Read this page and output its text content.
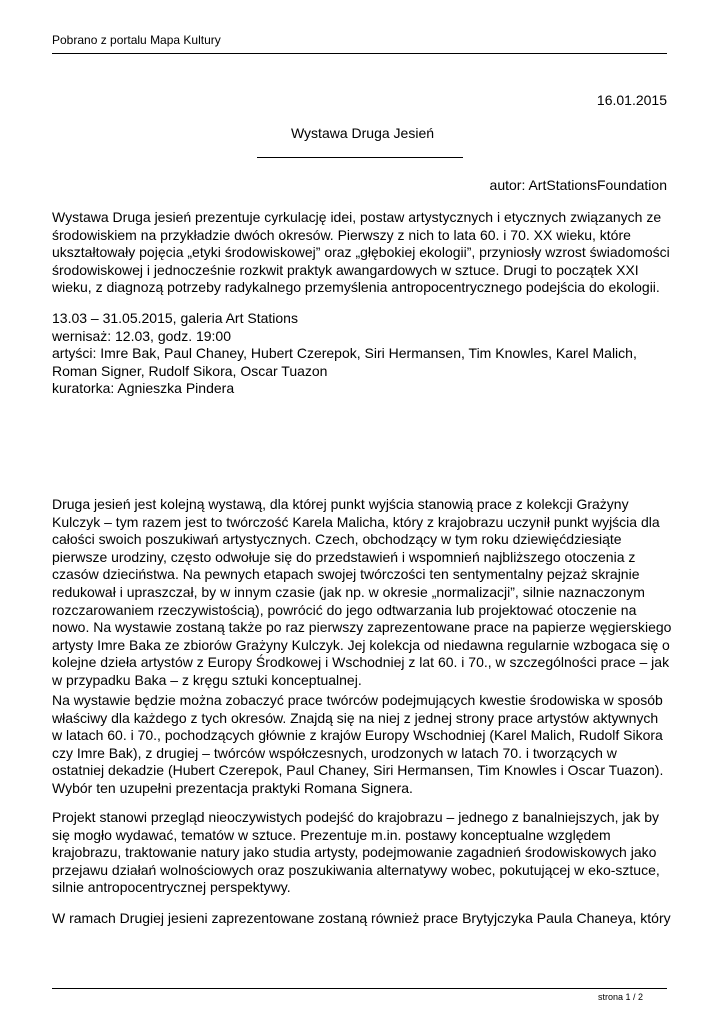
Pobrano z portalu Mapa Kultury
16.01.2015
Wystawa Druga Jesień
autor: ArtStationsFoundation
Wystawa Druga jesień prezentuje cyrkulację idei, postaw artystycznych i etycznych związanych ze środowiskiem na przykładzie dwóch okresów. Pierwszy z nich to lata 60. i 70. XX wieku, które ukształtowały pojęcia „etyki środowiskowej” oraz „głębokiej ekologii”, przyniosły wzrost świadomości środowiskowej i jednocześnie rozkwit praktyk awangardowych w sztuce. Drugi to początek XXI wieku, z diagnozą potrzeby radykalnego przemyślenia antropocentrycznego podejścia do ekologii.
13.03 – 31.05.2015, galeria Art Stations
wernisaż: 12.03, godz. 19:00
artyści: Imre Bak, Paul Chaney, Hubert Czerepok, Siri Hermansen, Tim Knowles, Karel Malich, Roman Signer, Rudolf Sikora, Oscar Tuazon
kuratorka: Agnieszka Pindera
Druga jesień jest kolejną wystawą, dla której punkt wyjścia stanowią prace z kolekcji Grażyny Kulczyk – tym razem jest to twórczość Karela Malicha, który z krajobrazu uczynił punkt wyjścia dla całości swoich poszukiwań artystycznych. Czech, obchodzący w tym roku dziewięćdziesiąte pierwsze urodziny, często odwołuje się do przedstawień i wspomnień najbliższego otoczenia z czasów dzieciństwa. Na pewnych etapach swojej twórczości ten sentymentalny pejzaż skrajnie redukował i upraszczał, by w innym czasie (jak np. w okresie „normalizacji”, silnie naznaczonym rozczarowaniem rzeczywistością), powrócić do jego odtwarzania lub projektować otoczenie na nowo. Na wystawie zostaną także po raz pierwszy zaprezentowane prace na papierze węgierskiego artysty Imre Baka ze zbiorów Grażyny Kulczyk. Jej kolekcja od niedawna regularnie wzbogaca się o kolejne dzieła artystów z Europy Środkowej i Wschodniej z lat 60. i 70., w szczególności prace – jak w przypadku Baka – z kręgu sztuki konceptualnej.
Na wystawie będzie można zobaczyć prace twórców podejmujących kwestie środowiska w sposób właściwy dla każdego z tych okresów. Znajdą się na niej z jednej strony prace artystów aktywnych w latach 60. i 70., pochodzących głównie z krajów Europy Wschodniej (Karel Malich, Rudolf Sikora czy Imre Bak), z drugiej – twórców współczesnych, urodzonych w latach 70. i tworzących w ostatniej dekadzie (Hubert Czerepok, Paul Chaney, Siri Hermansen, Tim Knowles i Oscar Tuazon). Wybór ten uzupełni prezentacja praktyki Romana Signera.
Projekt stanowi przegląd nieoczywistych podejść do krajobrazu – jednego z banalniejszych, jak by się mogło wydawać, tematów w sztuce. Prezentuje m.in. postawy konceptualne względem krajobrazu, traktowanie natury jako studia artysty, podejmowanie zagadnień środowiskowych jako przejawu działań wolnościowych oraz poszukiwania alternatywy wobec, pokutującej w eko-sztuce, silnie antropocentrycznej perspektywy.
W ramach Drugiej jesieni zaprezentowane zostaną również prace Brytyjczyka Paula Chaneya, który
strona 1 / 2
